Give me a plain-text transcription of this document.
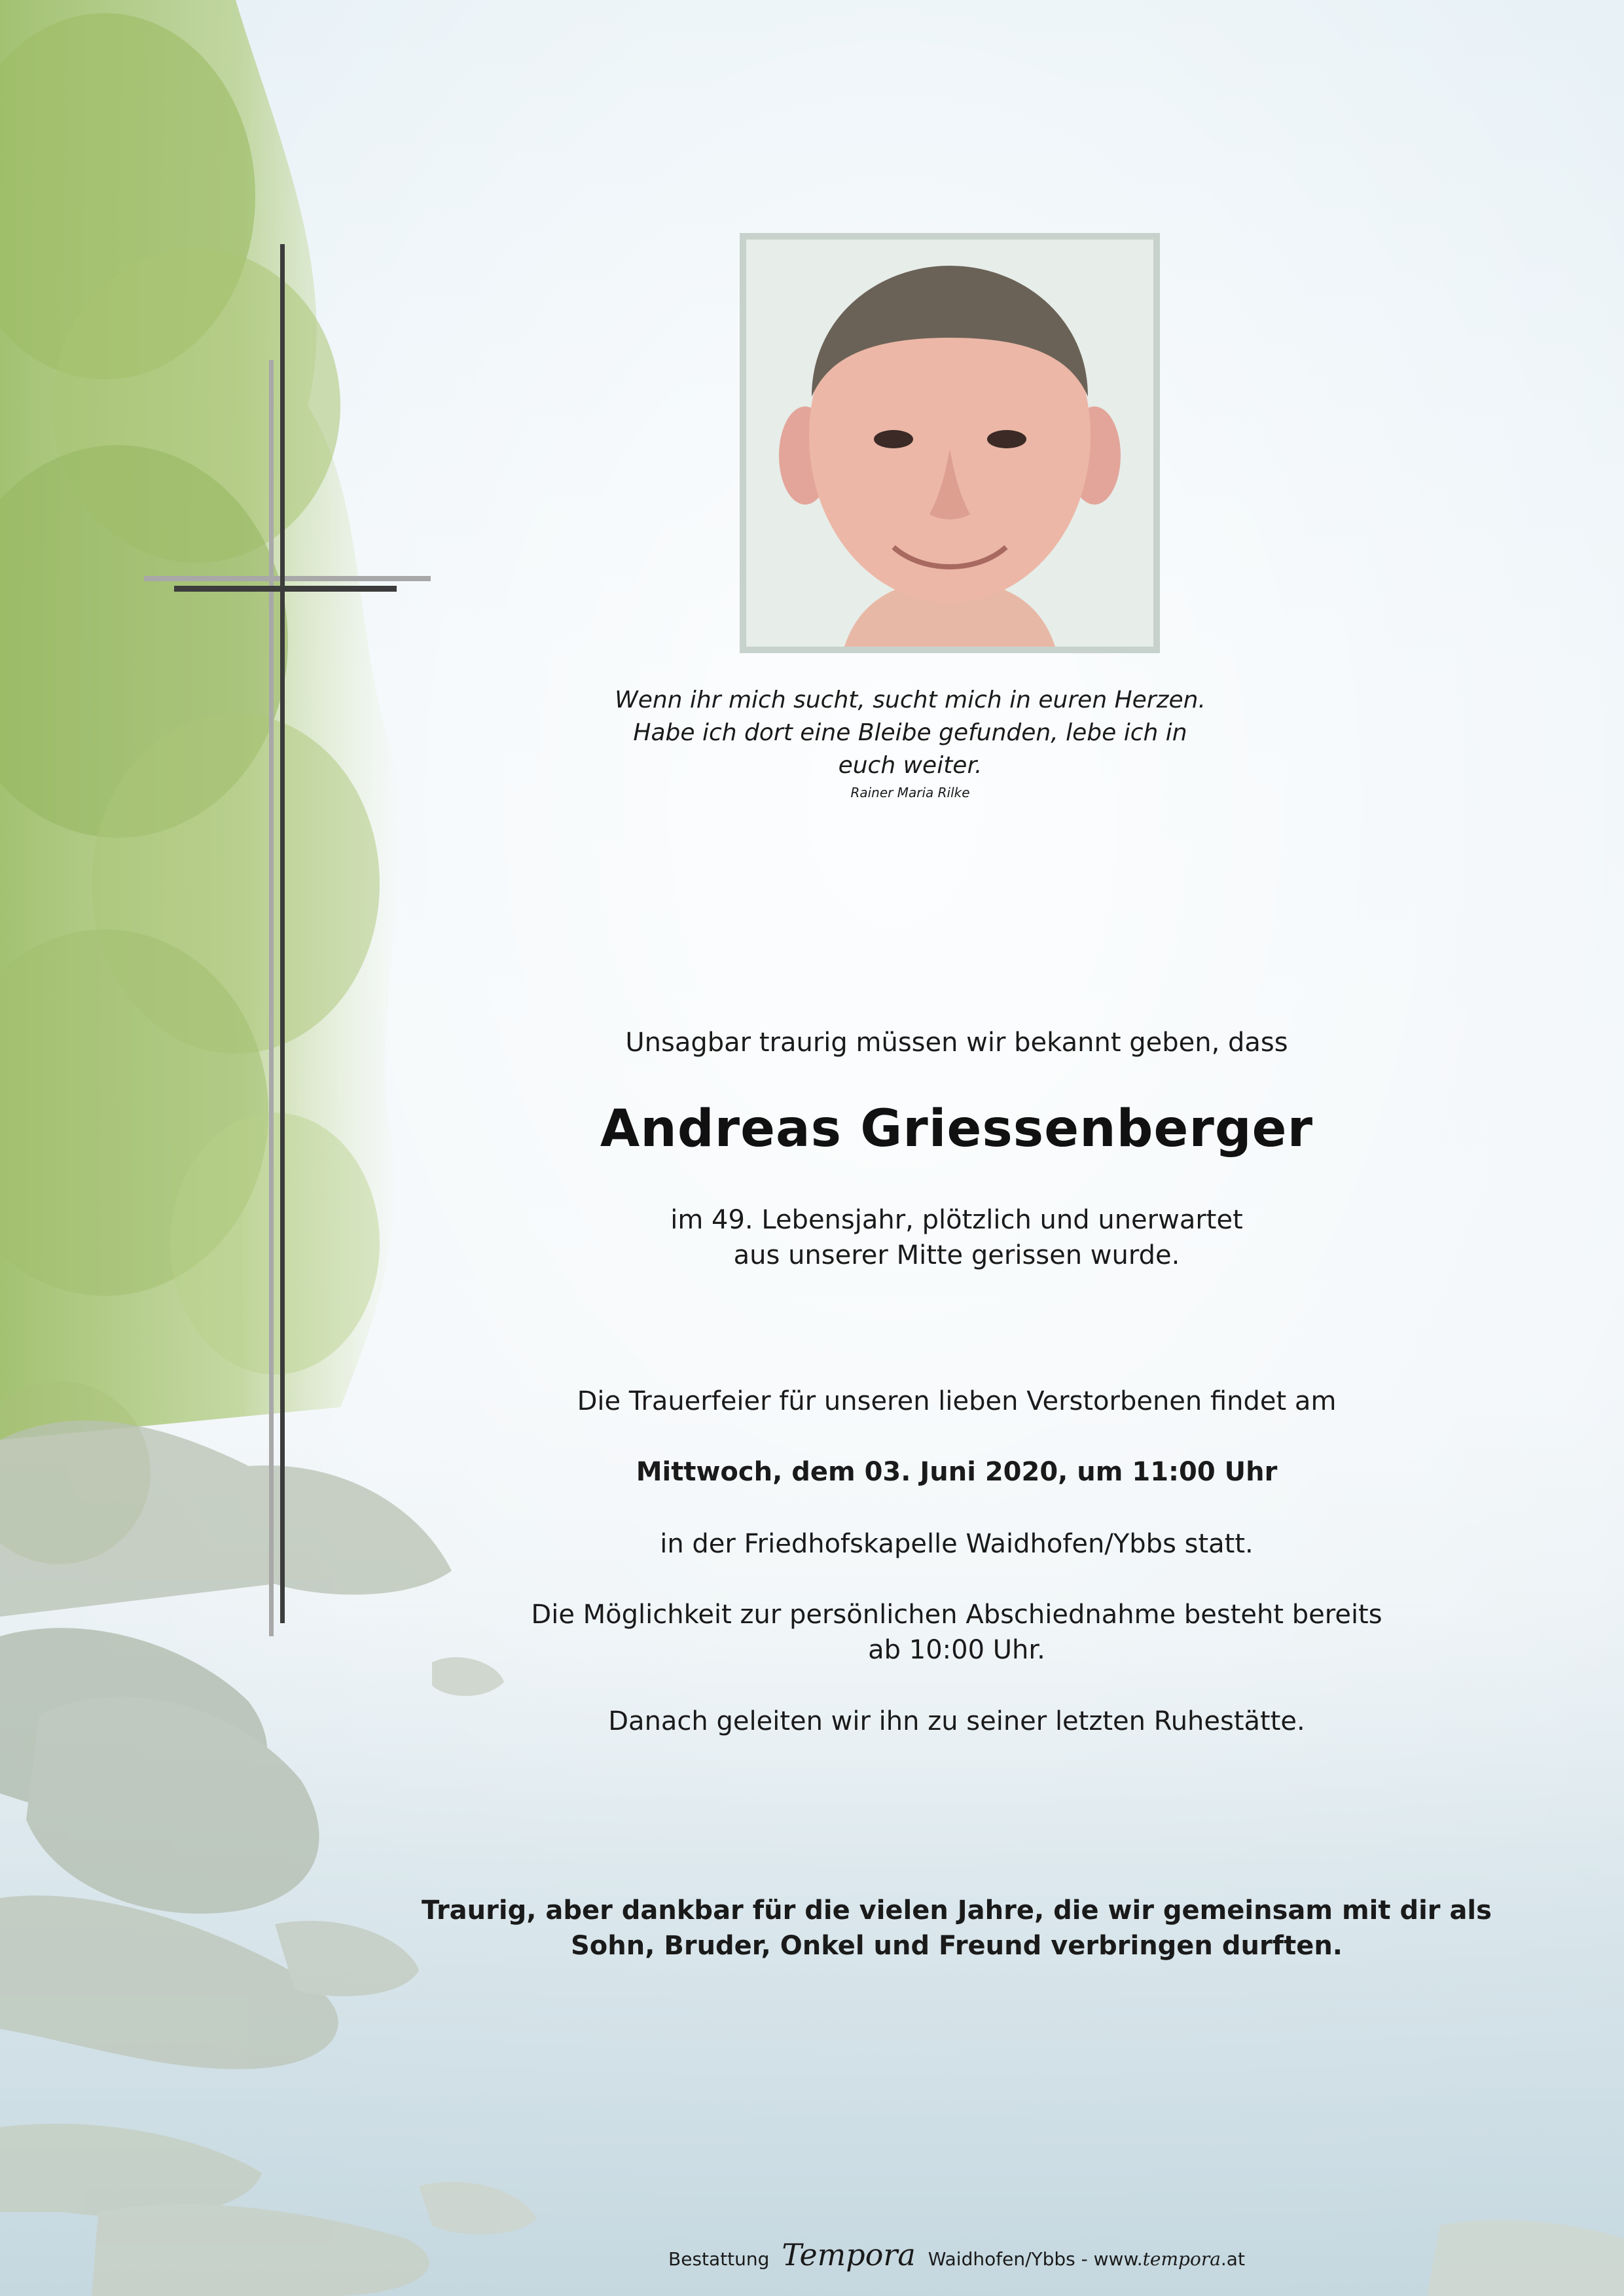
Wenn ihr mich sucht, sucht mich in euren Herzen.
Habe ich dort eine Bleibe gefunden, lebe ich in
euch weiter.
Rainer Maria Rilke
Unsagbar traurig müssen wir bekannt geben, dass
Andreas Griessenberger
im 49. Lebensjahr, plötzlich und unerwartet
aus unserer Mitte gerissen wurde.
Die Trauerfeier für unseren lieben Verstorbenen findet am
Mittwoch, dem 03. Juni 2020, um 11:00 Uhr
in der Friedhofskapelle Waidhofen/Ybbs statt.
Die Möglichkeit zur persönlichen Abschiednahme besteht bereits
ab 10:00 Uhr.
Danach geleiten wir ihn zu seiner letzten Ruhestätte.
Traurig, aber dankbar für die vielen Jahre, die wir gemeinsam mit dir als
Sohn, Bruder, Onkel und Freund verbringen durften.
Bestattung Tempora Waidhofen/Ybbs - www.tempora.at
